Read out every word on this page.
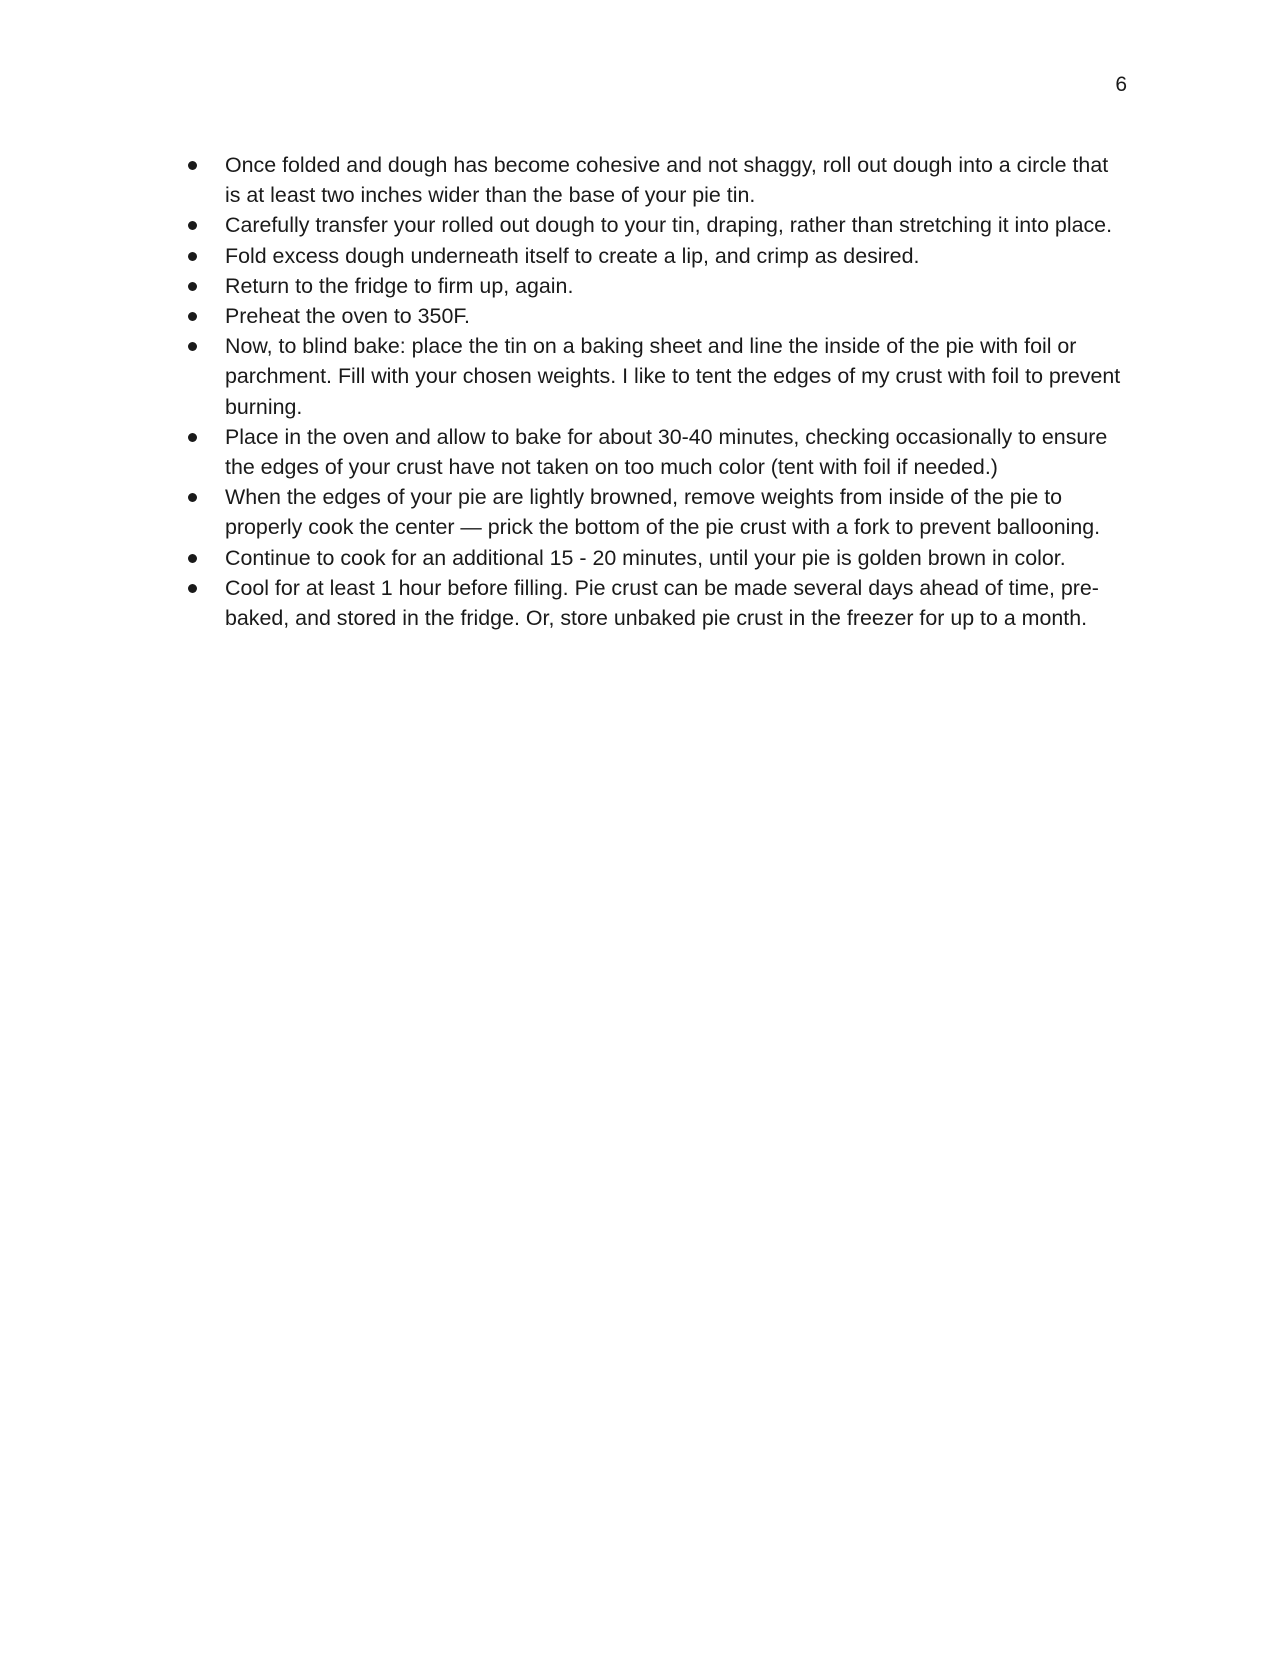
6
Once folded and dough has become cohesive and not shaggy, roll out dough into a circle that is at least two inches wider than the base of your pie tin.
Carefully transfer your rolled out dough to your tin, draping, rather than stretching it into place.
Fold excess dough underneath itself to create a lip, and crimp as desired.
Return to the fridge to firm up, again.
Preheat the oven to 350F.
Now, to blind bake: place the tin on a baking sheet and line the inside of the pie with foil or parchment. Fill with your chosen weights. I like to tent the edges of my crust with foil to prevent burning.
Place in the oven and allow to bake for about 30-40 minutes, checking occasionally to ensure the edges of your crust have not taken on too much color (tent with foil if needed.)
When the edges of your pie are lightly browned, remove weights from inside of the pie to properly cook the center — prick the bottom of the pie crust with a fork to prevent ballooning.
Continue to cook for an additional 15 - 20 minutes, until your pie is golden brown in color.
Cool for at least 1 hour before filling. Pie crust can be made several days ahead of time, pre-baked, and stored in the fridge. Or, store unbaked pie crust in the freezer for up to a month.
